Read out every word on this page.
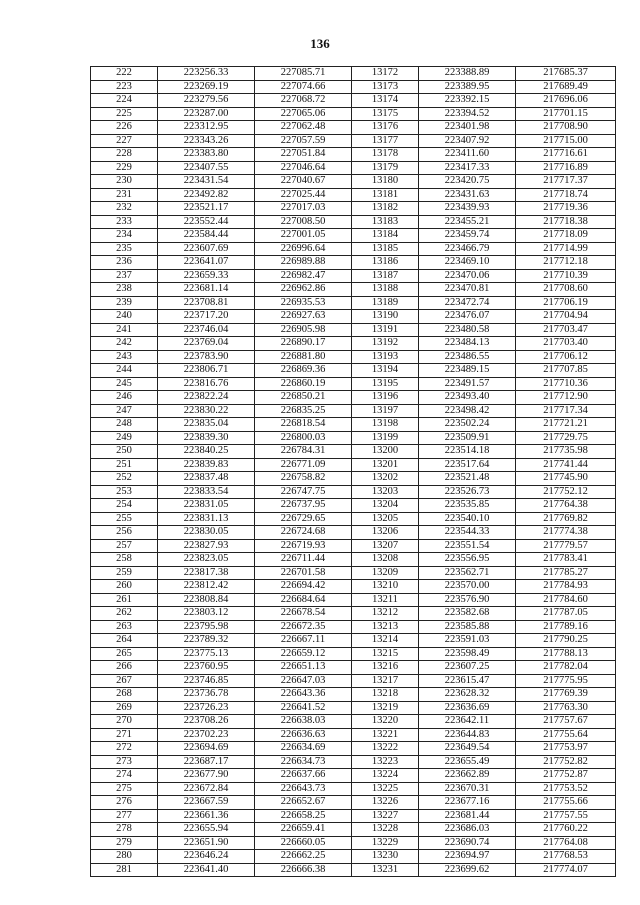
136
222	223256.33	227085.71	13172	223388.89	217685.37
223	223269.19	227074.66	13173	223389.95	217689.49
224	223279.56	227068.72	13174	223392.15	217696.06
225	223287.00	227065.06	13175	223394.52	217701.15
226	223312.95	227062.48	13176	223401.98	217708.90
227	223343.26	227057.59	13177	223407.92	217715.00
228	223383.80	227051.84	13178	223411.60	217716.61
229	223407.55	227046.64	13179	223417.33	217716.89
230	223431.54	227040.67	13180	223420.75	217717.37
231	223492.82	227025.44	13181	223431.63	217718.74
232	223521.17	227017.03	13182	223439.93	217719.36
233	223552.44	227008.50	13183	223455.21	217718.38
234	223584.44	227001.05	13184	223459.74	217718.09
235	223607.69	226996.64	13185	223466.79	217714.99
236	223641.07	226989.88	13186	223469.10	217712.18
237	223659.33	226982.47	13187	223470.06	217710.39
238	223681.14	226962.86	13188	223470.81	217708.60
239	223708.81	226935.53	13189	223472.74	217706.19
240	223717.20	226927.63	13190	223476.07	217704.94
241	223746.04	226905.98	13191	223480.58	217703.47
242	223769.04	226890.17	13192	223484.13	217703.40
243	223783.90	226881.80	13193	223486.55	217706.12
244	223806.71	226869.36	13194	223489.15	217707.85
245	223816.76	226860.19	13195	223491.57	217710.36
246	223822.24	226850.21	13196	223493.40	217712.90
247	223830.22	226835.25	13197	223498.42	217717.34
248	223835.04	226818.54	13198	223502.24	217721.21
249	223839.30	226800.03	13199	223509.91	217729.75
250	223840.25	226784.31	13200	223514.18	217735.98
251	223839.83	226771.09	13201	223517.64	217741.44
252	223837.48	226758.82	13202	223521.48	217745.90
253	223833.54	226747.75	13203	223526.73	217752.12
254	223831.05	226737.95	13204	223535.85	217764.38
255	223831.13	226729.65	13205	223540.10	217769.82
256	223830.05	226724.68	13206	223544.33	217774.38
257	223827.93	226719.93	13207	223551.54	217779.57
258	223823.05	226711.44	13208	223556.95	217783.41
259	223817.38	226701.58	13209	223562.71	217785.27
260	223812.42	226694.42	13210	223570.00	217784.93
261	223808.84	226684.64	13211	223576.90	217784.60
262	223803.12	226678.54	13212	223582.68	217787.05
263	223795.98	226672.35	13213	223585.88	217789.16
264	223789.32	226667.11	13214	223591.03	217790.25
265	223775.13	226659.12	13215	223598.49	217788.13
266	223760.95	226651.13	13216	223607.25	217782.04
267	223746.85	226647.03	13217	223615.47	217775.95
268	223736.78	226643.36	13218	223628.32	217769.39
269	223726.23	226641.52	13219	223636.69	217763.30
270	223708.26	226638.03	13220	223642.11	217757.67
271	223702.23	226636.63	13221	223644.83	217755.64
272	223694.69	226634.69	13222	223649.54	217753.97
273	223687.17	226634.73	13223	223655.49	217752.82
274	223677.90	226637.66	13224	223662.89	217752.87
275	223672.84	226643.73	13225	223670.31	217753.52
276	223667.59	226652.67	13226	223677.16	217755.66
277	223661.36	226658.25	13227	223681.44	217757.55
278	223655.94	226659.41	13228	223686.03	217760.22
279	223651.90	226660.05	13229	223690.74	217764.08
280	223646.24	226662.25	13230	223694.97	217768.53
281	223641.40	226666.38	13231	223699.62	217774.07
